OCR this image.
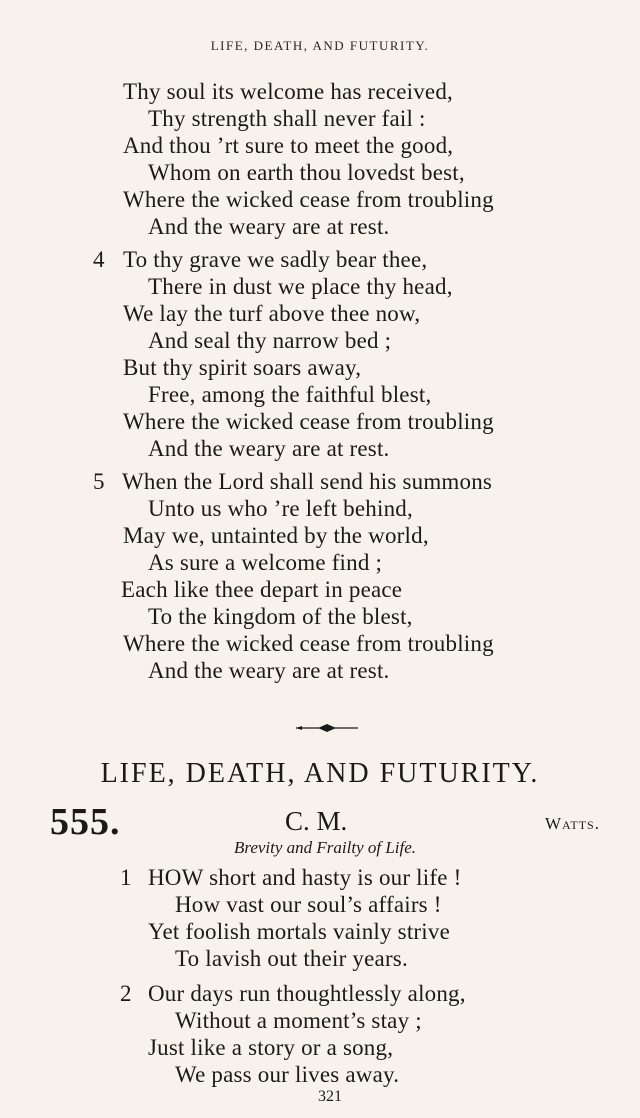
LIFE, DEATH, AND FUTURITY.
Thy soul its welcome has received,
Thy strength shall never fail :
And thou ’rt sure to meet the good,
Whom on earth thou lovedst best,
Where the wicked cease from troubling
And the weary are at rest.
4 To thy grave we sadly bear thee,
There in dust we place thy head,
We lay the turf above thee now,
And seal thy narrow bed ;
But thy spirit soars away,
Free, among the faithful blest,
Where the wicked cease from troubling
And the weary are at rest.
5 When the Lord shall send his summons
Unto us who ’re left behind,
May we, untainted by the world,
As sure a welcome find ;
Each like thee depart in peace
To the kingdom of the blest,
Where the wicked cease from troubling
And the weary are at rest.
LIFE, DEATH, AND FUTURITY.
555.	C. M.	Watts.
Brevity and Frailty of Life.
1 HOW short and hasty is our life !
How vast our soul’s affairs !
Yet foolish mortals vainly strive
To lavish out their years.
2 Our days run thoughtlessly along,
Without a moment’s stay ;
Just like a story or a song,
We pass our lives away.
321
